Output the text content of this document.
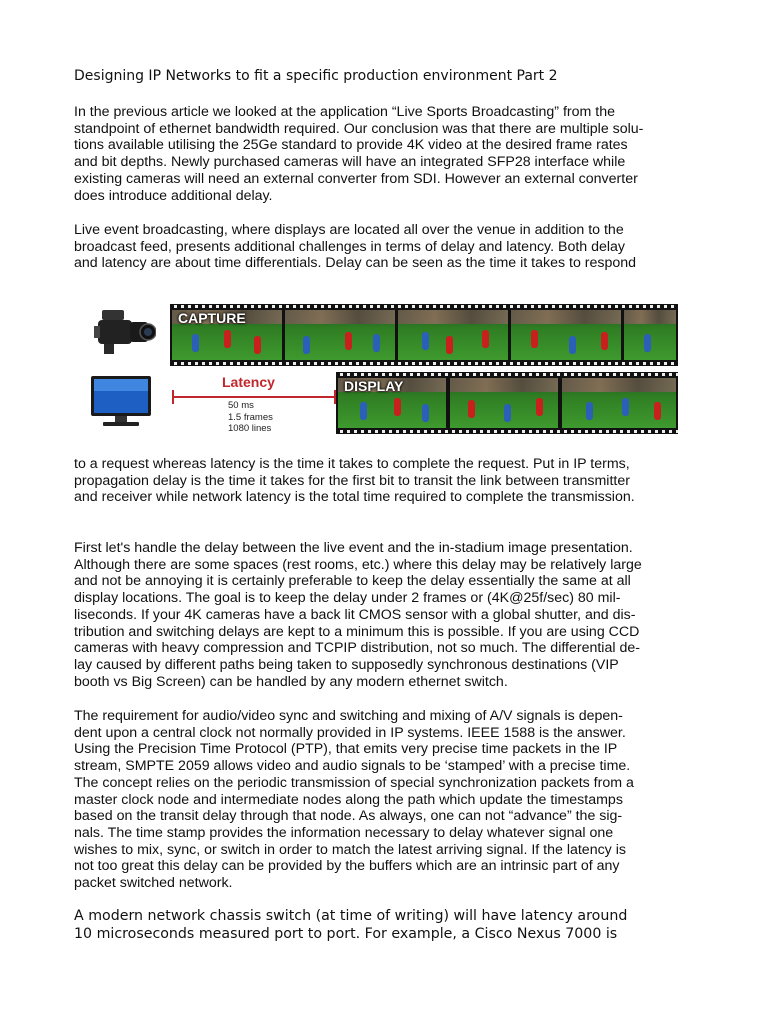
Designing IP Networks to fit a specific production environment Part 2
In the previous article we looked at the application “Live Sports Broadcasting” from the
standpoint of ethernet bandwidth required. Our conclusion was that there are multiple solu-
tions available utilising the 25Ge standard to provide 4K video at the desired frame rates
and bit depths. Newly purchased cameras will have an integrated SFP28 interface while
existing cameras will need an external converter from SDI. However an external converter
does introduce additional delay.
Live event broadcasting, where displays are located all over the venue in addition to the
broadcast feed, presents additional challenges in terms of delay and latency. Both delay
and latency are about time differentials. Delay can be seen as the time it takes to respond
CAPTURE
Latency
50 ms
1.5 frames
1080 lines
DISPLAY
to a request whereas latency is the time it takes to complete the request. Put in IP terms,
propagation delay is the time it takes for the first bit to transit the link between transmitter
and receiver while network latency is the total time required to complete the transmission.
First let's handle the delay between the live event and the in-stadium image presentation.
Although there are some spaces (rest rooms, etc.) where this delay may be relatively large
and not be annoying it is certainly preferable to keep the delay essentially the same at all
display locations. The goal is to keep the delay under 2 frames or (4K@25f/sec) 80 mil-
liseconds. If your 4K cameras have a back lit CMOS sensor with a global shutter, and dis-
tribution and switching delays are kept to a minimum this is possible. If you are using CCD
cameras with heavy compression and TCPIP distribution, not so much. The differential de-
lay caused by different paths being taken to supposedly synchronous destinations (VIP
booth vs Big Screen) can be handled by any modern ethernet switch.
The requirement for audio/video sync and switching and mixing of A/V signals is depen-
dent upon a central clock not normally provided in IP systems. IEEE 1588 is the answer.
Using the Precision Time Protocol (PTP), that emits very precise time packets in the IP
stream, SMPTE 2059 allows video and audio signals to be ‘stamped’ with a precise time.
The concept relies on the periodic transmission of special synchronization packets from a
master clock node and intermediate nodes along the path which update the timestamps
based on the transit delay through that node. As always, one can not “advance” the sig-
nals. The time stamp provides the information necessary to delay whatever signal one
wishes to mix, sync, or switch in order to match the latest arriving signal. If the latency is
not too great this delay can be provided by the buffers which are an intrinsic part of any
packet switched network.
A modern network chassis switch (at time of writing) will have latency around
10 microseconds measured port to port. For example, a Cisco Nexus 7000 is
